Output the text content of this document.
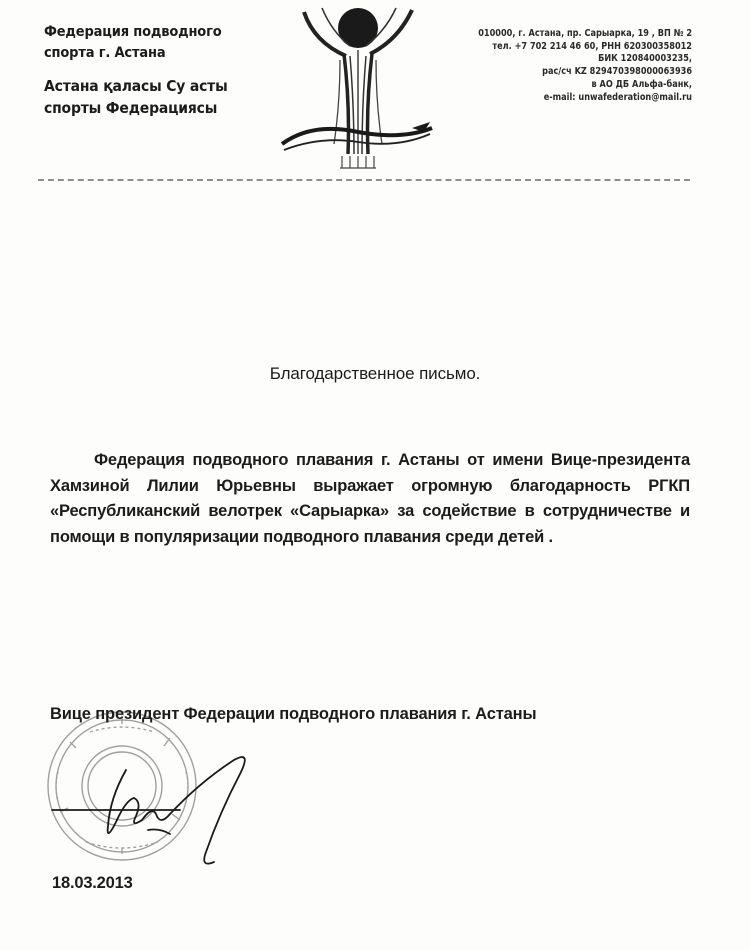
Федерация подводного
спорта г. Астана
Астана қаласы Су асты
спорты Федерациясы
010000, г. Астана, пр. Сарыарка, 19 , ВП № 2
тел. +7 702 214 46 60, РНН 620300358012
БИК 120840003235,
рас/сч KZ 829470398000063936
в АО ДБ Альфа-банк,
e-mail: unwafederation@mail.ru
Благодарственное письмо.
Федерация подводного плавания г. Астаны от имени Вице-президента Хамзиной Лилии Юрьевны выражает огромную благодарность РГКП «Республиканский велотрек «Сарыарка» за содействие в сотрудничестве и помощи в популяризации подводного плавания среди детей .
Вице президент Федерации подводного плавания г. Астаны
18.03.2013
